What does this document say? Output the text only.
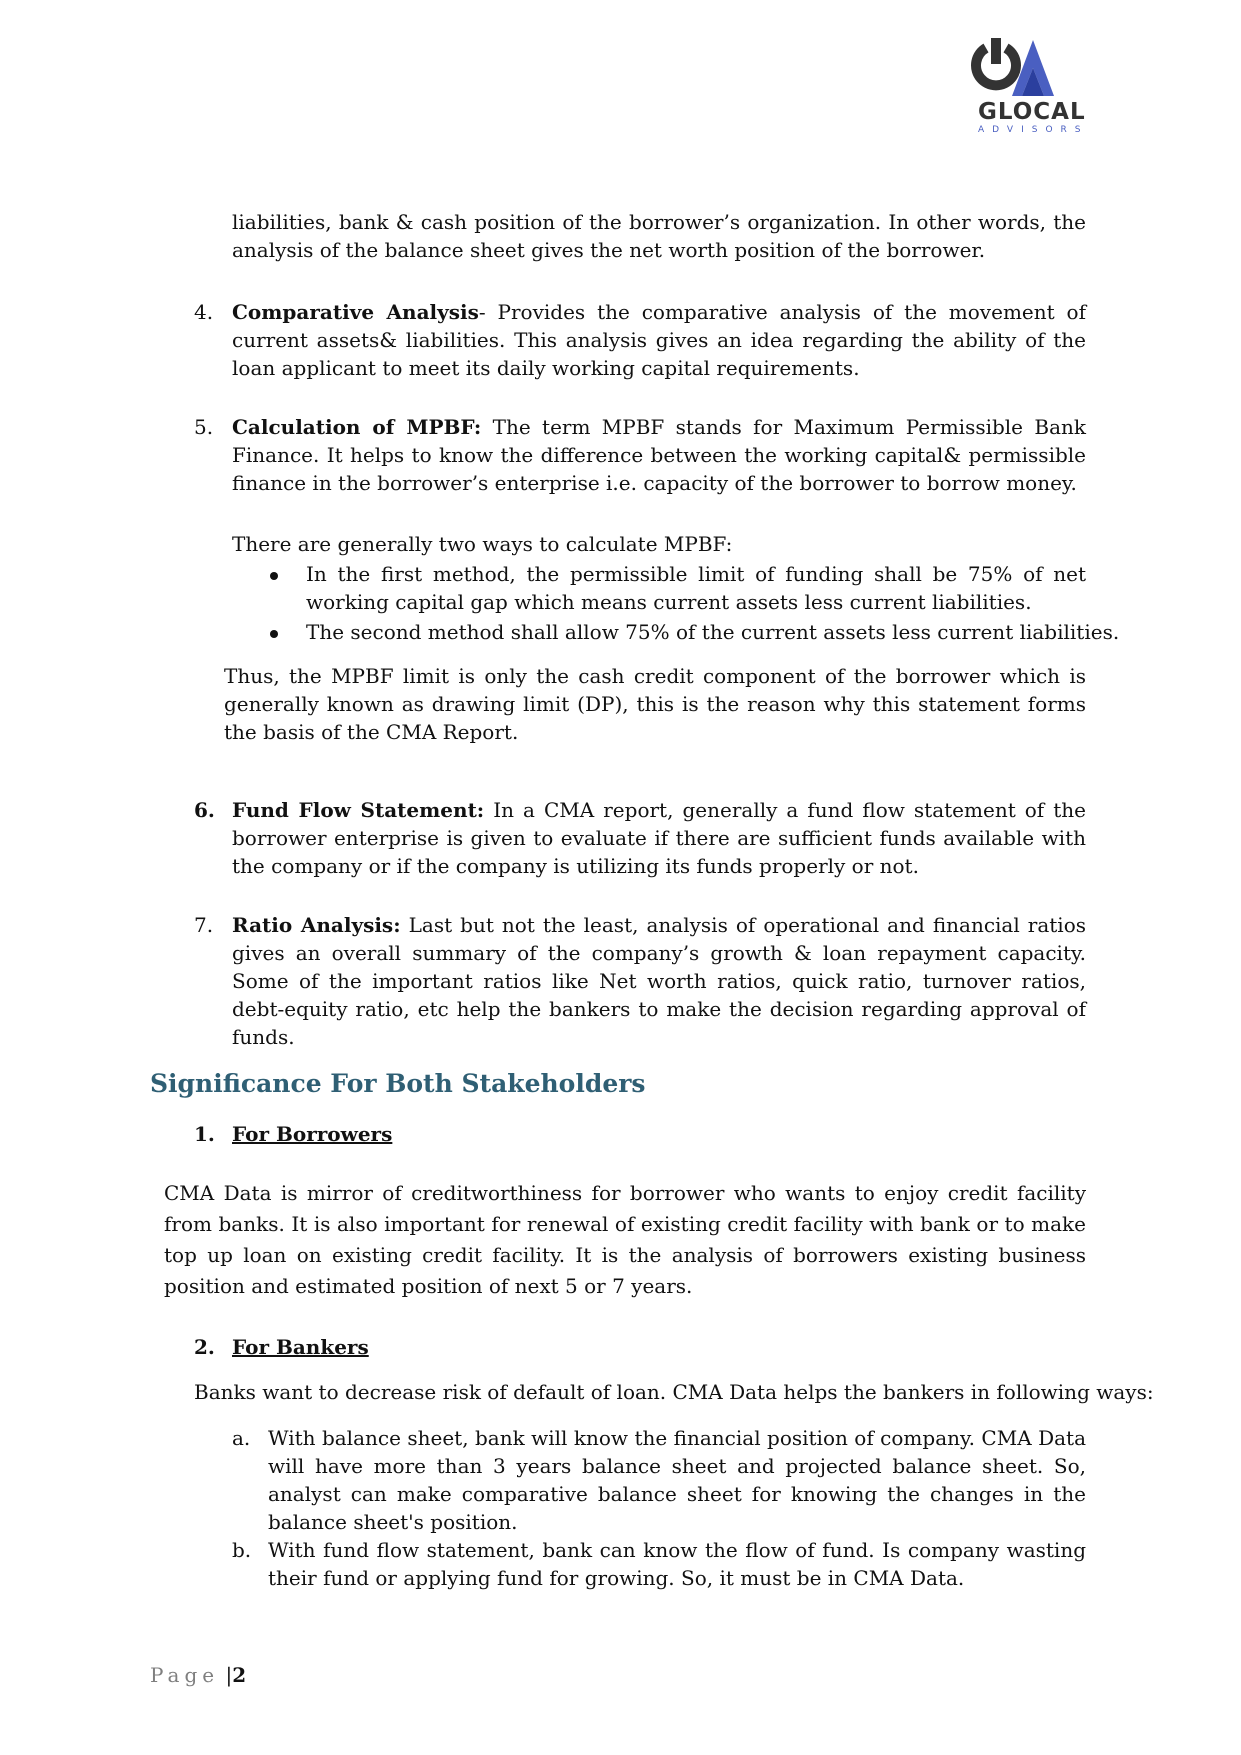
GLOCAL
ADVISORS
liabilities, bank & cash position of the borrower’s organization. In other words, the analysis of the balance sheet gives the net worth position of the borrower.
4. Comparative Analysis- Provides the comparative analysis of the movement of current assets& liabilities. This analysis gives an idea regarding the ability of the loan applicant to meet its daily working capital requirements.
5. Calculation of MPBF: The term MPBF stands for Maximum Permissible Bank Finance. It helps to know the difference between the working capital& permissible finance in the borrower’s enterprise i.e. capacity of the borrower to borrow money.
There are generally two ways to calculate MPBF:
In the first method, the permissible limit of funding shall be 75% of net working capital gap which means current assets less current liabilities.
The second method shall allow 75% of the current assets less current liabilities.
Thus, the MPBF limit is only the cash credit component of the borrower which is generally known as drawing limit (DP), this is the reason why this statement forms the basis of the CMA Report.
6. Fund Flow Statement: In a CMA report, generally a fund flow statement of the borrower enterprise is given to evaluate if there are sufficient funds available with the company or if the company is utilizing its funds properly or not.
7. Ratio Analysis: Last but not the least, analysis of operational and financial ratios gives an overall summary of the company’s growth & loan repayment capacity. Some of the important ratios like Net worth ratios, quick ratio, turnover ratios, debt-equity ratio, etc help the bankers to make the decision regarding approval of funds.
Significance For Both Stakeholders
1. For Borrowers
CMA Data is mirror of creditworthiness for borrower who wants to enjoy credit facility from banks. It is also important for renewal of existing credit facility with bank or to make top up loan on existing credit facility. It is the analysis of borrowers existing business position and estimated position of next 5 or 7 years.
2. For Bankers
Banks want to decrease risk of default of loan. CMA Data helps the bankers in following ways:
a. With balance sheet, bank will know the financial position of company. CMA Data will have more than 3 years balance sheet and projected balance sheet. So, analyst can make comparative balance sheet for knowing the changes in the balance sheet's position.
b. With fund flow statement, bank can know the flow of fund. Is company wasting their fund or applying fund for growing. So, it must be in CMA Data.
Page |2
